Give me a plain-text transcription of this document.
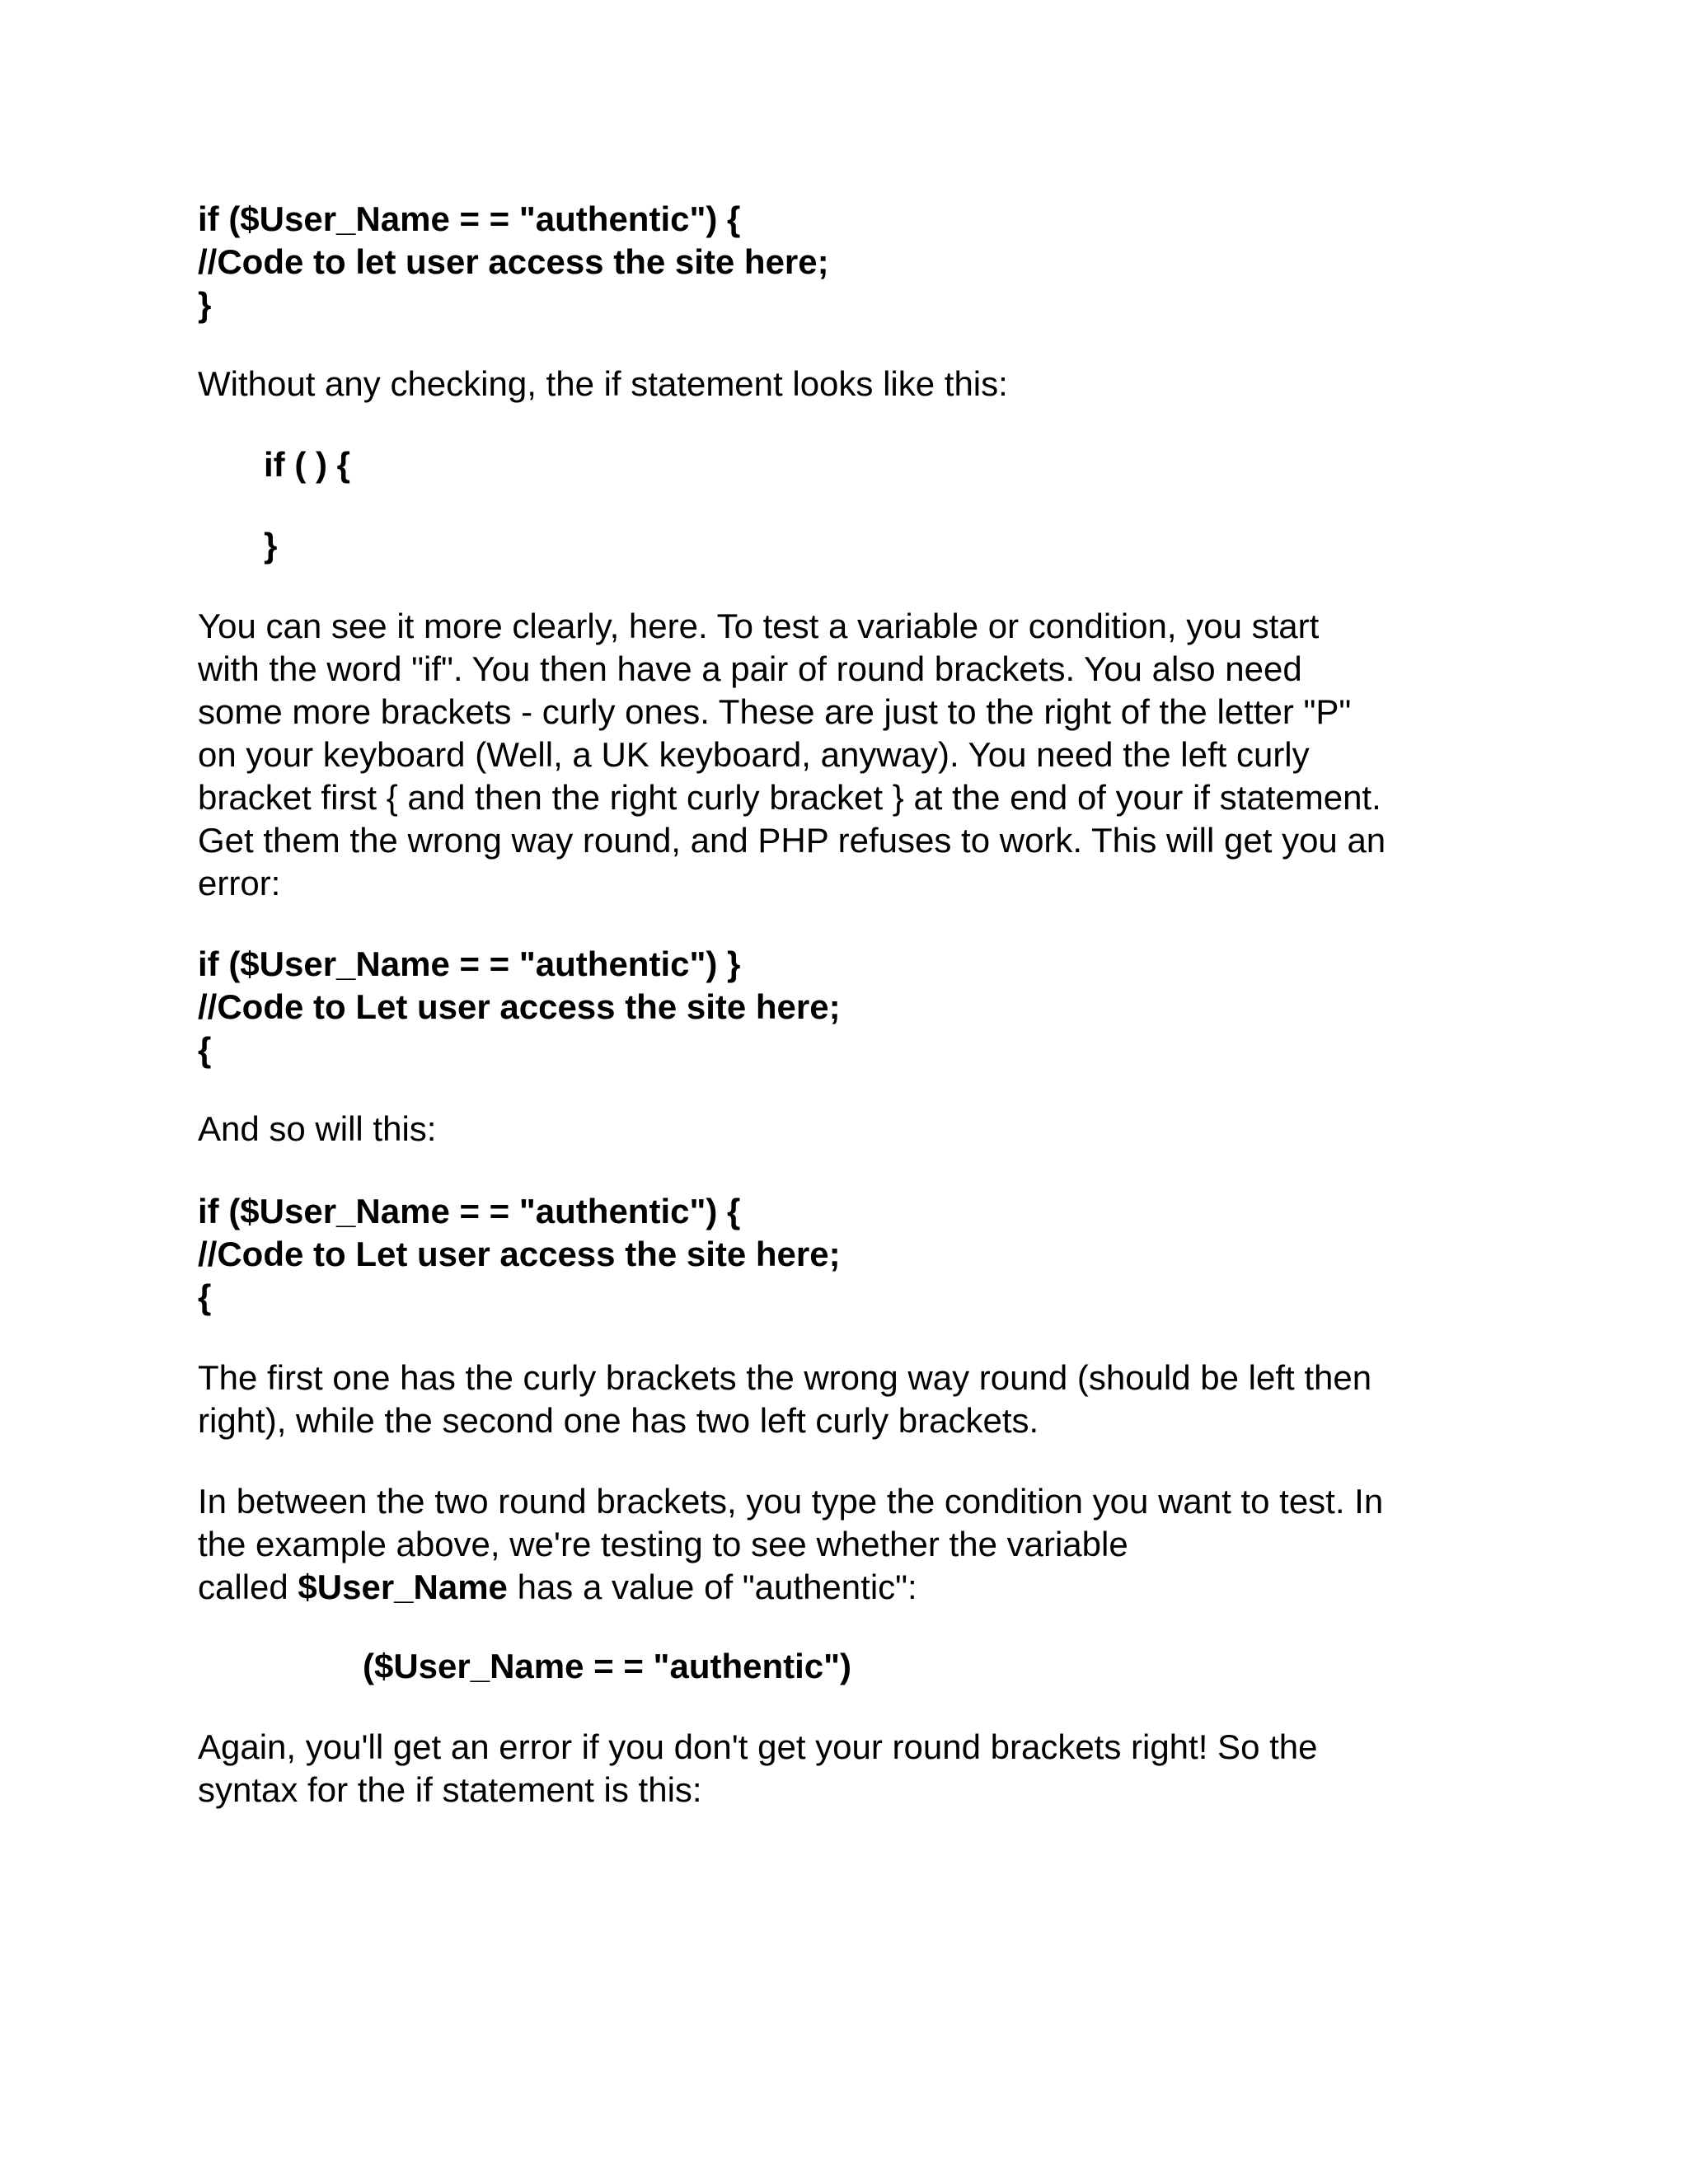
if ($User_Name = = "authentic") {
//Code to let user access the site here;
}
Without any checking, the if statement looks like this:
if ( ) {
}
You can see it more clearly, here. To test a variable or condition, you start
with the word "if". You then have a pair of round brackets. You also need
some more brackets - curly ones. These are just to the right of the letter "P"
on your keyboard (Well, a UK keyboard, anyway). You need the left curly
bracket first { and then the right curly bracket } at the end of your if statement.
Get them the wrong way round, and PHP refuses to work. This will get you an
error:
if ($User_Name = = "authentic") }
//Code to Let user access the site here;
{
And so will this:
if ($User_Name = = "authentic") {
//Code to Let user access the site here;
{
The first one has the curly brackets the wrong way round (should be left then
right), while the second one has two left curly brackets.
In between the two round brackets, you type the condition you want to test. In
the example above, we're testing to see whether the variable
called $User_Name has a value of "authentic":
($User_Name = = "authentic")
Again, you'll get an error if you don't get your round brackets right! So the
syntax for the if statement is this:
